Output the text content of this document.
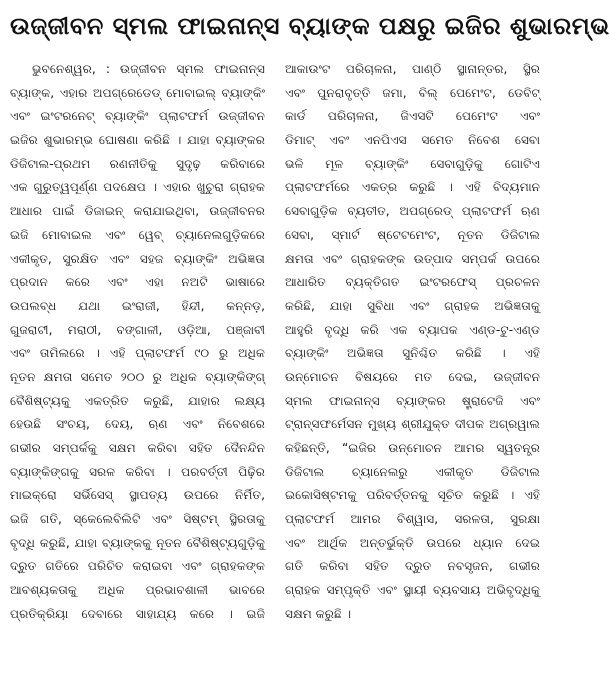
ଉଜ୍ଜୀବନ ସ୍ମଲ ଫାଇନାନ୍ସ ବ୍ୟାଙ୍କ ପକ୍ଷରୁ ଇଜିର ଶୁଭାରମ୍ଭ
ଭୁବନେଶ୍ୱର, : ଉଜ୍ଜୀବନ ସ୍ମଲ ଫାଇନାନ୍ସ
ବ୍ୟାଙ୍କ, ଏହାର ଅପଗ୍ରେଡେଡ୍ ମୋବାଇଲ୍ ବ୍ୟାଙ୍କିଂ
ଏବଂ ଇଂଟରନେଟ୍ ବ୍ୟାଙ୍କିଂ ପ୍ଲାଟଫର୍ମ ଉଜ୍ଜୀବନ
ଇଜିର ଶୁଭାରମ୍ଭ ଘୋଷଣା କରିଛି । ଯାହା ବ୍ୟାଙ୍କର
ଡିଜିଟାଲ-ପ୍ରଥମ ରଣନୀତିକୁ ସୁଦୃଢ଼ କରିବାରେ
ଏକ ଗୁରୁତ୍ୱପୂର୍ଣ୍ଣ ପଦକ୍ଷେପ । ଏହାର ଖୁଚୁରା ଗ୍ରାହକ
ଆଧାର ପାଇଁ ଡିଜାଇନ୍ କରାଯାଇଥିବା, ଉଜ୍ଜୀବନର
ଇଜି ମୋବାଇଲ ଏବଂ ୱେବ୍ ଚ୍ୟାନେଲଗୁଡ଼ିକରେ
ଏକୀକୃତ, ସୁରକ୍ଷିତ ଏବଂ ସହଜ ବ୍ୟାଙ୍କିଂ ଅଭିଜ୍ଞତା
ପ୍ରଦାନ କରେ ଏବଂ ଏହା ନଅଟି ଭାଷାରେ
ଉପଲବ୍ଧ ଯଥା ଇଂରାଜୀ, ହିନ୍ଦୀ, କନ୍ନଡ଼,
ଗୁଜରାଟୀ, ମରାଠୀ, ବଙ୍ଗାଳୀ, ଓଡ଼ିଆ, ପଞ୍ଜାବୀ
ଏବଂ ତାମିଲରେ । ଏହି ପ୍ଲାଟଫର୍ମ ୯୦ ରୁ ଅଧିକ
ନୂତନ କ୍ଷମତା ସମେତ ୨୦୦ ରୁ ଅଧିକ ବ୍ୟାଙ୍କିଙ୍ଗ୍
ବୈଶିଷ୍ଟ୍ୟକୁ ଏକତ୍ରିତ କରୁଛି, ଯାହାର ଲକ୍ଷ୍ୟ
ହେଉଛି ସଂଚୟ, ଦେୟ, ଋଣ ଏବଂ ନିବେଶରେ
ଗଭୀର ସମ୍ପର୍କକୁ ସକ୍ଷମ କରିବା ସହିତ ଦୈନନ୍ଦିନ
ବ୍ୟାଙ୍କିଙ୍ଗକୁ ସରଳ କରିବା । ପରବର୍ତ୍ତୀ ପିଢ଼ିର
ମାଇକ୍ରୋ ସର୍ଭିସେସ୍ ସ୍ଥାପତ୍ୟ ଉପରେ ନିର୍ମିତ,
ଇଜି ଗତି, ସ୍କେଲେବିଲିଟି ଏବଂ ସିଷ୍ଟମ୍ ସ୍ଥିରତାକୁ
ବୃଦ୍ଧି କରୁଛି, ଯାହା ବ୍ୟାଙ୍କକୁ ନୂତନ ବୈଶିଷ୍ଟ୍ୟଗୁଡ଼ିକୁ
ଦ୍ରୁତ ଗତିରେ ପରିଚିତ କରାଇବା ଏବଂ ଗ୍ରାହକଙ୍କ
ଆବଶ୍ୟକତାକୁ ଅଧିକ ପ୍ରଭାବଶାଳୀ ଭାବରେ
ପ୍ରତିକ୍ରିୟା ଦେବାରେ ସାହାଯ୍ୟ କରେ । ଇଜି
ଆକାଉଂଟ ପରିଚାଳନା, ପାଣ୍ଠି ସ୍ଥାନାନ୍ତର, ସ୍ଥିର
ଏବଂ ପୁନରାବୃତ୍ତି ଜମା, ବିଲ୍ ପେମେଂଟ, ଡେବିଟ୍
କାର୍ଡ ପରିଚାଳନା, ଜିଏସଟି ପେମେଂଟ ଏବଂ
ଡିମାଟ୍ ଏବଂ ଏନପିଏସ ସମେତ ନିବେଶ ସେବା
ଭଳି ମୂଳ ବ୍ୟାଙ୍କିଂ ସେବାଗୁଡ଼ିକୁ ଗୋଟିଏ
ପ୍ଲାଟଫର୍ମରେ ଏକତ୍ର କରୁଛି । ଏହି ବିଦ୍ୟମାନ
ସେବାଗୁଡ଼ିକ ବ୍ୟତୀତ, ଅପଗ୍ରେଡ୍ ପ୍ଲାଟଫର୍ମ ଋଣ
ସେବା, ସ୍ମାର୍ଟ ଷ୍ଟେଟମେଂଟ, ନୂତନ ଡିଜିଟାଲ
କ୍ଷମତା ଏବଂ ଗ୍ରାହକଙ୍କ ଉତ୍ପାଦ ସମ୍ପର୍କ ଉପରେ
ଆଧାରିତ ବ୍ୟକ୍ତିଗତ ଇଂଟରଫେସ୍ ପ୍ରଚଳନ
କରିଛି, ଯାହା ସୁବିଧା ଏବଂ ଗ୍ରାହକ ଅଭିଜ୍ଞତାକୁ
ଆହୁରି ବୃଦ୍ଧି କରି ଏକ ବ୍ୟାପକ ଏଣ୍ଡ-ଟୁ-ଏଣ୍ଡ
ବ୍ୟାଙ୍କିଂ ଅଭିଜ୍ଞତା ସୁନିଶ୍ଚିତ କରିଛି । ଏହି
ଉନ୍ମୋଚନ ବିଷୟରେ ମତ ଦେଇ, ଉଜ୍ଜୀବନ
ସ୍ମଲ ଫାଇନାନ୍ସ ବ୍ୟାଙ୍କର ଷ୍ଟ୍ରାଟେଜି ଏବଂ
ଟ୍ରାନ୍ସଫର୍ମେସନ ମୁଖ୍ୟ ଶ୍ରୀଯୁକ୍ତ ଦୀପକ ଅଗ୍ରୱାଲ
କହିଛନ୍ତି, “ଇଜିର ଉନ୍ମୋଚନ ଆମର ସ୍ୱତନ୍ତ୍ର
ଡିଜିଟାଲ ଚ୍ୟାନେଲରୁ ଏକୀକୃତ ଡିଜିଟାଲ
ଇକୋସିଷ୍ଟମକୁ ପରିବର୍ତ୍ତନକୁ ସୂଚିତ କରୁଛି । ଏହି
ପ୍ଲାଟଫର୍ମ ଆମର ବିଶ୍ୱାସ, ସରଳତା, ସୁରକ୍ଷା
ଏବଂ ଆର୍ଥିକ ଅନ୍ତର୍ଭୁକ୍ତି ଉପରେ ଧ୍ୟାନ ଦେଇ
ଗତି କରିବା ସହିତ ଦ୍ରୁତ ନବସୃଜନ, ଗଭୀର
ଗ୍ରାହକ ସମ୍ପୃକ୍ତି ଏବଂ ସ୍ଥାୟୀ ବ୍ୟବସାୟ ଅଭିବୃଦ୍ଧିକୁ
ସକ୍ଷମ କରୁଛି ।
